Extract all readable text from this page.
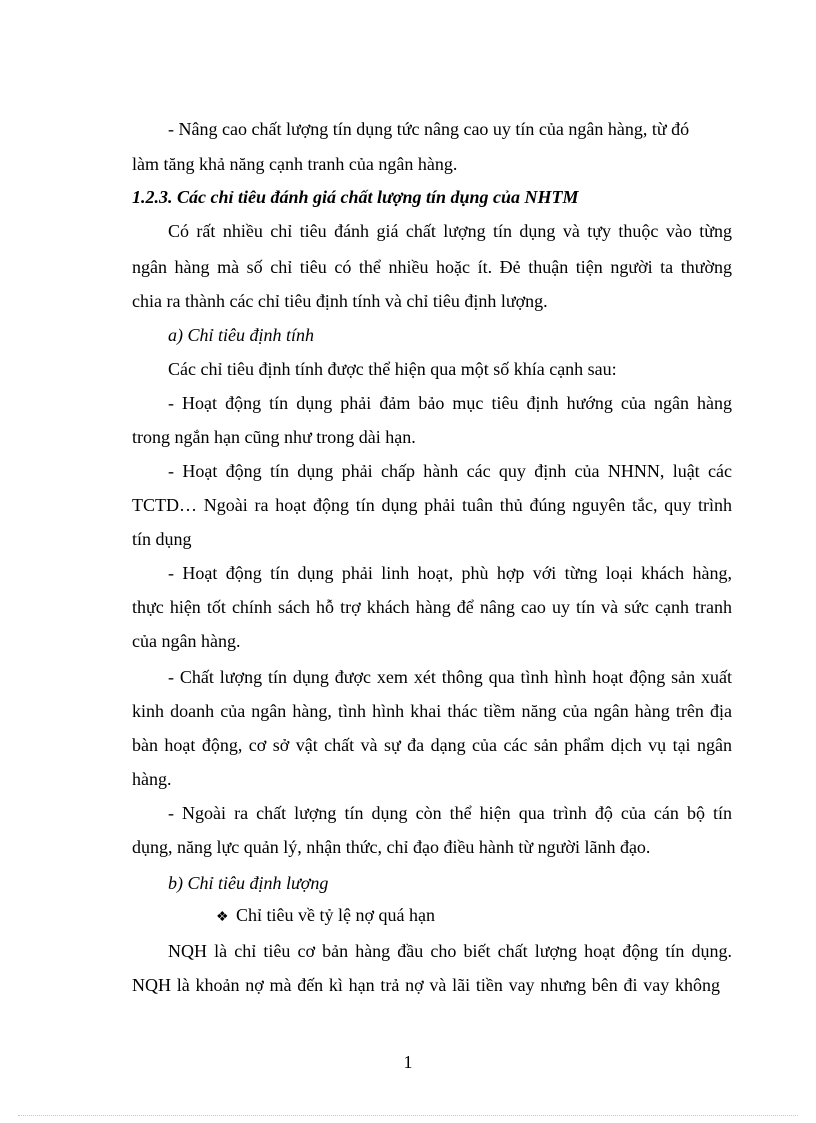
- Nâng cao chất lượng tín dụng tức nâng cao uy tín của ngân hàng, từ đó
làm tăng khả năng cạnh tranh của ngân hàng.
1.2.3. Các chỉ tiêu đánh giá chất lượng tín dụng của NHTM
Có rất nhiều chỉ tiêu đánh giá chất lượng tín dụng và tựy thuộc vào từng
ngân hàng mà số chỉ tiêu có thể nhiều hoặc ít. Đẻ thuận tiện người ta thường
chia ra thành các chỉ tiêu định tính và chỉ tiêu định lượng.
a) Chỉ tiêu định tính
Các chỉ tiêu định tính được thể hiện qua một số khía cạnh sau:
- Hoạt động tín dụng phải đảm bảo mục tiêu định hướng của ngân hàng
trong ngắn hạn cũng như trong dài hạn.
- Hoạt động tín dụng phải chấp hành các quy định của NHNN, luật các
TCTD… Ngoài ra hoạt động tín dụng phải tuân thủ đúng nguyên tắc, quy trình
tín dụng
- Hoạt động tín dụng phải linh hoạt, phù hợp với từng loại khách hàng,
thực hiện tốt chính sách hỗ trợ khách hàng để nâng cao uy tín và sức cạnh tranh
của ngân hàng.
- Chất lượng tín dụng được xem xét thông qua tình hình hoạt động sản xuất
kinh doanh của ngân hàng, tình hình khai thác tiềm năng của ngân hàng trên địa
bàn hoạt động, cơ sở vật chất và sự đa dạng của các sản phẩm dịch vụ tại ngân
hàng.
- Ngoài ra chất lượng tín dụng còn thể hiện qua trình độ của cán bộ tín
dụng, năng lực quản lý, nhận thức, chỉ đạo điều hành từ người lãnh đạo.
b) Chỉ tiêu định lượng
❖ Chỉ tiêu về tỷ lệ nợ quá hạn
NQH là chỉ tiêu cơ bản hàng đầu cho biết chất lượng hoạt động tín dụng.
NQH là khoản nợ mà đến kì hạn trả nợ và lãi tiền vay nhưng bên đi vay không
1
